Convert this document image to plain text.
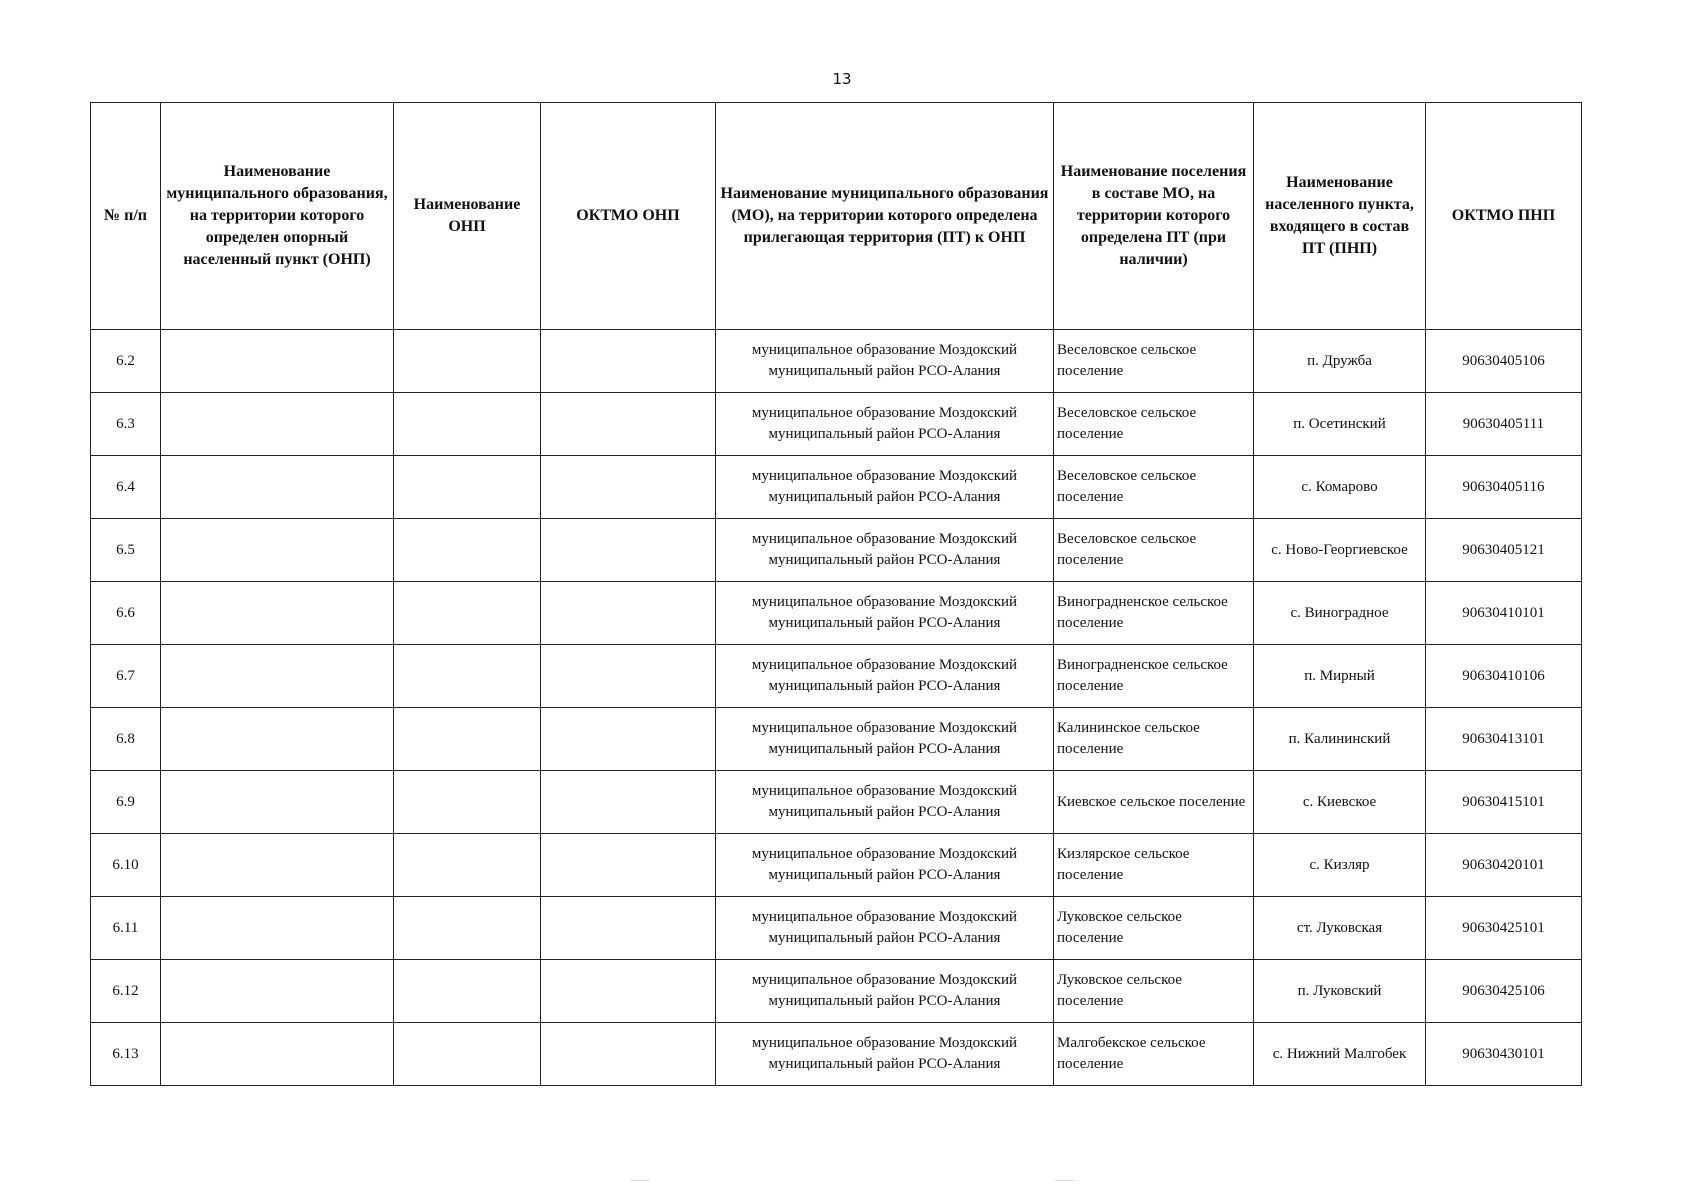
13
№ п/п	Наименование муниципального образования, на территории которого определен опорный населенный пункт (ОНП)	Наименование ОНП	ОКТМО ОНП	Наименование муниципального образования (МО), на территории которого определена прилегающая территория (ПТ) к ОНП	Наименование поселения в составе МО, на территории которого определена ПТ (при наличии)	Наименование населенного пункта, входящего в состав ПТ (ПНП)	ОКТМО ПНП
6.2				муниципальное образование Моздокский муниципальный район РСО-Алания	Веселовское сельское поселение	п. Дружба	90630405106
6.3				муниципальное образование Моздокский муниципальный район РСО-Алания	Веселовское сельское поселение	п. Осетинский	90630405111
6.4				муниципальное образование Моздокский муниципальный район РСО-Алания	Веселовское сельское поселение	с. Комарово	90630405116
6.5				муниципальное образование Моздокский муниципальный район РСО-Алания	Веселовское сельское поселение	с. Ново-Георгиевское	90630405121
6.6				муниципальное образование Моздокский муниципальный район РСО-Алания	Виноградненское сельское поселение	с. Виноградное	90630410101
6.7				муниципальное образование Моздокский муниципальный район РСО-Алания	Виноградненское сельское поселение	п. Мирный	90630410106
6.8				муниципальное образование Моздокский муниципальный район РСО-Алания	Калининское сельское поселение	п. Калининский	90630413101
6.9				муниципальное образование Моздокский муниципальный район РСО-Алания	Киевское сельское поселение	с. Киевское	90630415101
6.10				муниципальное образование Моздокский муниципальный район РСО-Алания	Кизлярское сельское поселение	с. Кизляр	90630420101
6.11				муниципальное образование Моздокский муниципальный район РСО-Алания	Луковское сельское поселение	ст. Луковская	90630425101
6.12				муниципальное образование Моздокский муниципальный район РСО-Алания	Луковское сельское поселение	п. Луковский	90630425106
6.13				муниципальное образование Моздокский муниципальный район РСО-Алания	Малгобекское сельское поселение	с. Нижний Малгобек	90630430101
